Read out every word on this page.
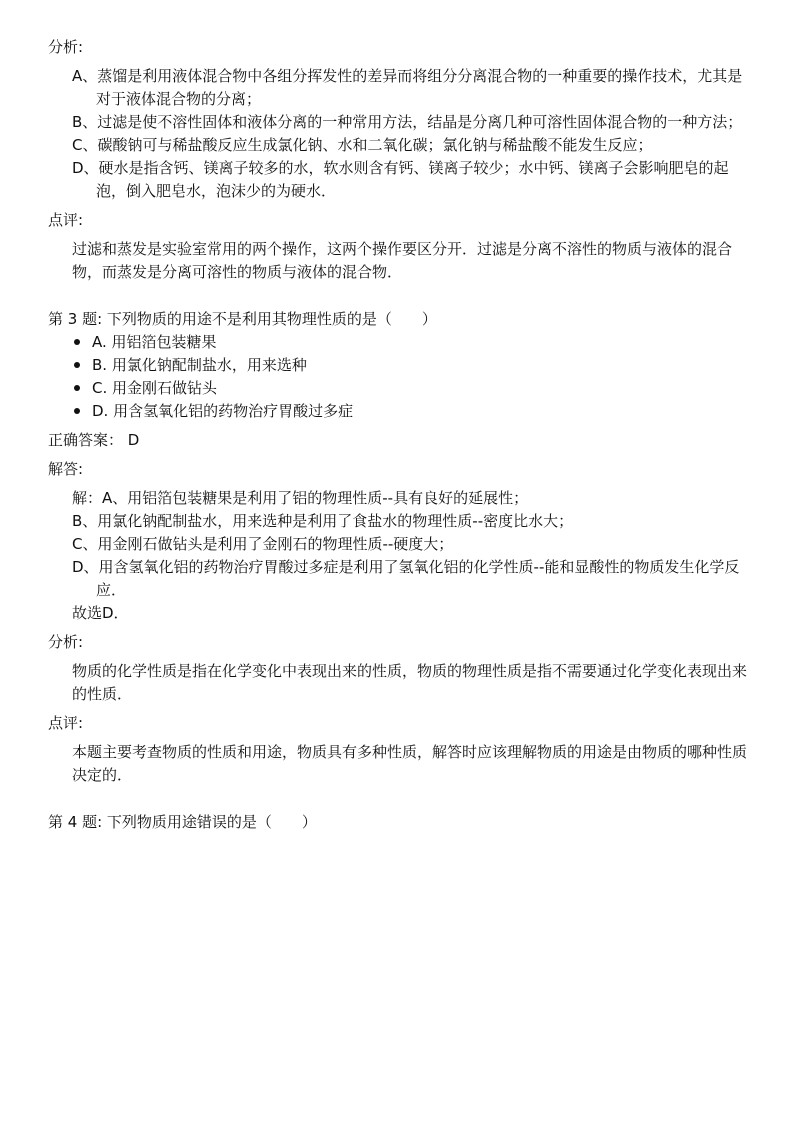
分析:

A、蒸馏是利用液体混合物中各组分挥发性的差异而将组分分离混合物的一种重要的操作技术，尤其是对于液体混合物的分离；

B、过滤是使不溶性固体和液体分离的一种常用方法，结晶是分离几种可溶性固体混合物的一种方法；

C、碳酸钠可与稀盐酸反应生成氯化钠、水和二氧化碳；氯化钠与稀盐酸不能发生反应；

D、硬水是指含钙、镁离子较多的水，软水则含有钙、镁离子较少；水中钙、镁离子会影响肥皂的起泡，倒入肥皂水，泡沫少的为硬水．

点评:

过滤和蒸发是实验室常用的两个操作，这两个操作要区分开．过滤是分离不溶性的物质与液体的混合物，而蒸发是分离可溶性的物质与液体的混合物．

第 3 题: 下列物质的用途不是利用其物理性质的是（　　）

A. 用铝箔包装糖果
B. 用氯化钠配制盐水，用来选种
C. 用金刚石做钻头
D. 用含氢氧化铝的药物治疗胃酸过多症

正确答案： D

解答:

解：A、用铝箔包装糖果是利用了铝的物理性质--具有良好的延展性；

B、用氯化钠配制盐水，用来选种是利用了食盐水的物理性质--密度比水大；

C、用金刚石做钻头是利用了金刚石的物理性质--硬度大；

D、用含氢氧化铝的药物治疗胃酸过多症是利用了氢氧化铝的化学性质--能和显酸性的物质发生化学反应．

故选D．

分析:

物质的化学性质是指在化学变化中表现出来的性质，物质的物理性质是指不需要通过化学变化表现出来的性质．

点评:

本题主要考查物质的性质和用途，物质具有多种性质，解答时应该理解物质的用途是由物质的哪种性质决定的．

第 4 题: 下列物质用途错误的是（　　）
